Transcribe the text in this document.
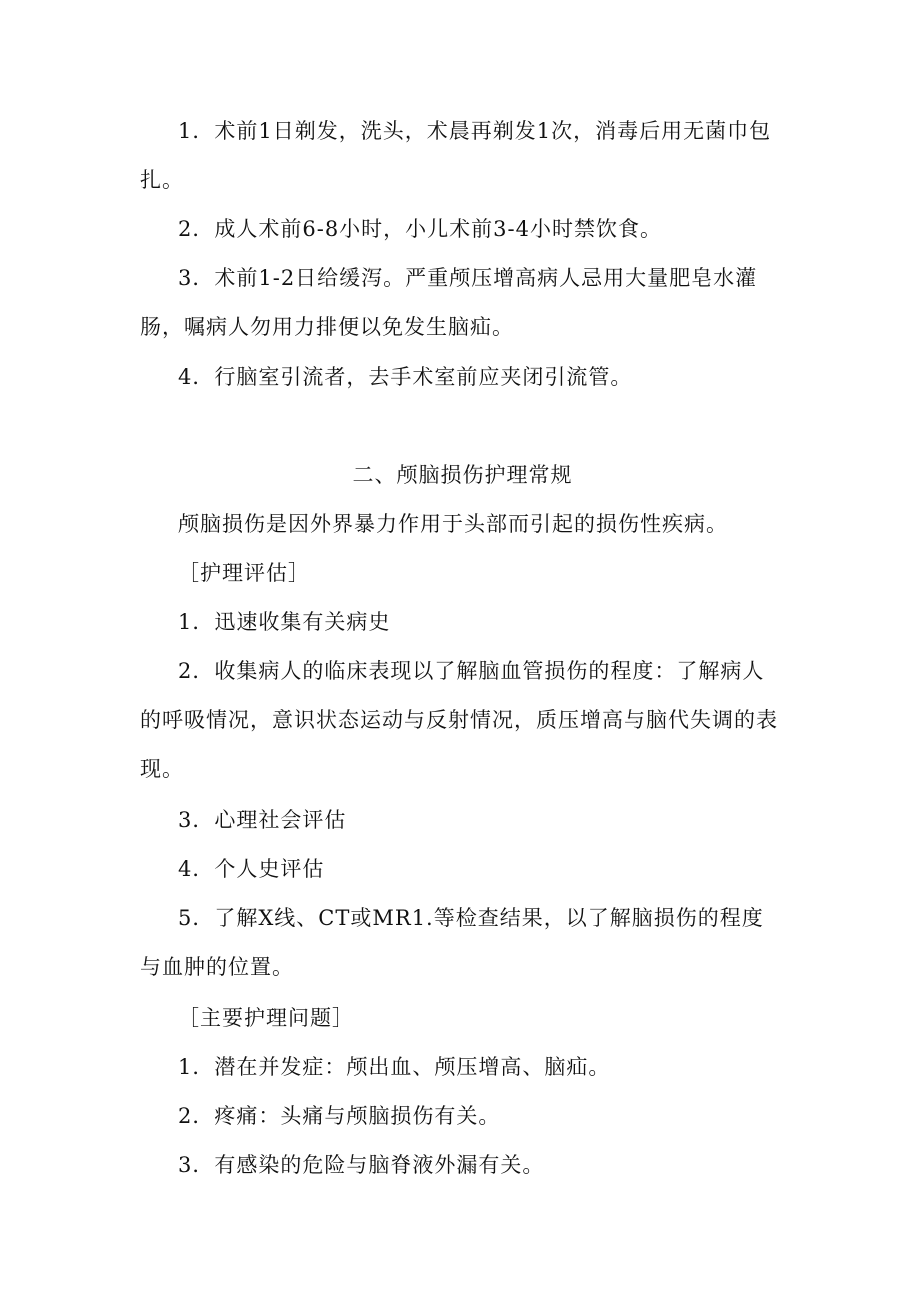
1．术前1日剃发，洗头，术晨再剃发1次，消毒后用无菌巾包扎。

2．成人术前6-8小时，小儿术前3-4小时禁饮食。

3．术前1-2日给缓泻。严重颅压增高病人忌用大量肥皂水灌肠，嘱病人勿用力排便以免发生脑疝。

4．行脑室引流者，去手术室前应夹闭引流管。

二、颅脑损伤护理常规

颅脑损伤是因外界暴力作用于头部而引起的损伤性疾病。

［护理评估］

1．迅速收集有关病史

2．收集病人的临床表现以了解脑血管损伤的程度：了解病人的呼吸情况，意识状态运动与反射情况，质压增高与脑代失调的表现。

3．心理社会评估

4．个人史评估

5．了解X线、CT或MR1.等检查结果，以了解脑损伤的程度与血肿的位置。

［主要护理问题］

1．潜在并发症：颅出血、颅压增高、脑疝。

2．疼痛：头痛与颅脑损伤有关。

3．有感染的危险与脑脊液外漏有关。
